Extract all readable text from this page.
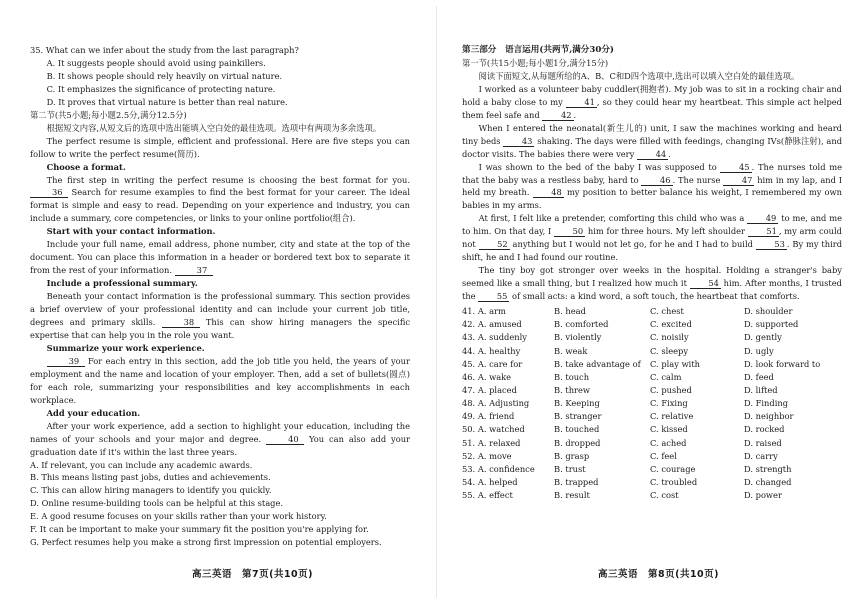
35. What can we infer about the study from the last paragraph?

A. It suggests people should avoid using painkillers.

B. It shows people should rely heavily on virtual nature.

C. It emphasizes the significance of protecting nature.

D. It proves that virtual nature is better than real nature.

第二节(共5小题;每小题2.5分,满分12.5分)

根据短文内容,从短文后的选项中选出能填入空白处的最佳选项。选项中有两项为多余选项。

The perfect resume is simple, efficient and professional. Here are five steps you can follow to write the perfect resume(简历).

Choose a format.

The first step in writing the perfect resume is choosing the best format for you. 36 Search for resume examples to find the best format for your career. The ideal format is simple and easy to read. Depending on your experience and industry, you can include a summary, core competencies, or links to your online portfolio(组合).

Start with your contact information.

Include your full name, email address, phone number, city and state at the top of the document. You can place this information in a header or bordered text box to separate it from the rest of your information.	37

Include a professional summary.

Beneath your contact information is the professional summary. This section provides a brief overview of your professional identity and can include your current job title, degrees and primary skills.	38 This can show hiring managers the specific expertise that can help you in the role you want.

Summarize your work experience.

39 For each entry in this section, add the job title you held, the years of your employment and the name and location of your employer. Then, add a set of bullets(圆点) for each role, summarizing your responsibilities and key accomplishments in each workplace.

Add your education.

After your work experience, add a section to highlight your education, including the names of your schools and your major and degree.	40 You can also add your graduation date if it's within the last three years.

A. If relevant, you can include any academic awards.

B. This means listing past jobs, duties and achievements.

C. This can allow hiring managers to identify you quickly.

D. Online resume-building tools can be helpful at this stage.

E. A good resume focuses on your skills rather than your work history.

F. It can be important to make your summary fit the position you're applying for.

G. Perfect resumes help you make a strong first impression on potential employers.

第三部分　语言运用(共两节,满分30分)

第一节(共15小题;每小题1分,满分15分)

阅读下面短文,从每题所给的A、B、C和D四个选项中,选出可以填入空白处的最佳选项。

I worked as a volunteer baby cuddler(拥抱者). My job was to sit in a rocking chair and hold a baby close to my	41 , so they could hear my heartbeat. This simple act helped them feel safe and	42 .

When I entered the neonatal(新生儿的) unit, I saw the machines working and heard tiny beds	43 shaking. The days were filled with feedings, changing IVs(静脉注射), and doctor visits. The babies there were very	44 .

I was shown to the bed of the baby I was supposed to	45 . The nurses told me that the baby was a restless baby, hard to	46 . The nurse	47 him in my lap, and I held my breath.	48 my position to better balance his weight, I remembered my own babies in my arms.

At first, I felt like a pretender, comforting this child who was a	49 to me, and me to him. On that day, I	50 him for three hours. My left shoulder	51 , my arm could not	52 anything but I would not let go, for he and I had to build	53 . By my third shift, he and I had found our routine.

The tiny boy got stronger over weeks in the hospital. Holding a stranger's baby seemed like a small thing, but I realized how much it	54 him. After months, I trusted the	55 of small acts: a kind word, a soft touch, the heartbeat that comforts.

41. A. arm	B. head	C. chest	D. shoulder
42. A. amused	B. comforted	C. excited	D. supported
43. A. suddenly	B. violently	C. noisily	D. gently
44. A. healthy	B. weak	C. sleepy	D. ugly
45. A. care for	B. take advantage of	C. play with	D. look forward to
46. A. wake	B. touch	C. calm	D. feed
47. A. placed	B. threw	C. pushed	D. lifted
48. A. Adjusting	B. Keeping	C. Fixing	D. Finding
49. A. friend	B. stranger	C. relative	D. neighbor
50. A. watched	B. touched	C. kissed	D. rocked
51. A. relaxed	B. dropped	C. ached	D. raised
52. A. move	B. grasp	C. feel	D. carry
53. A. confidence	B. trust	C. courage	D. strength
54. A. helped	B. trapped	C. troubled	D. changed
55. A. effect	B. result	C. cost	D. power
高三英语　第7页(共10页)	高三英语　第8页(共10页)
